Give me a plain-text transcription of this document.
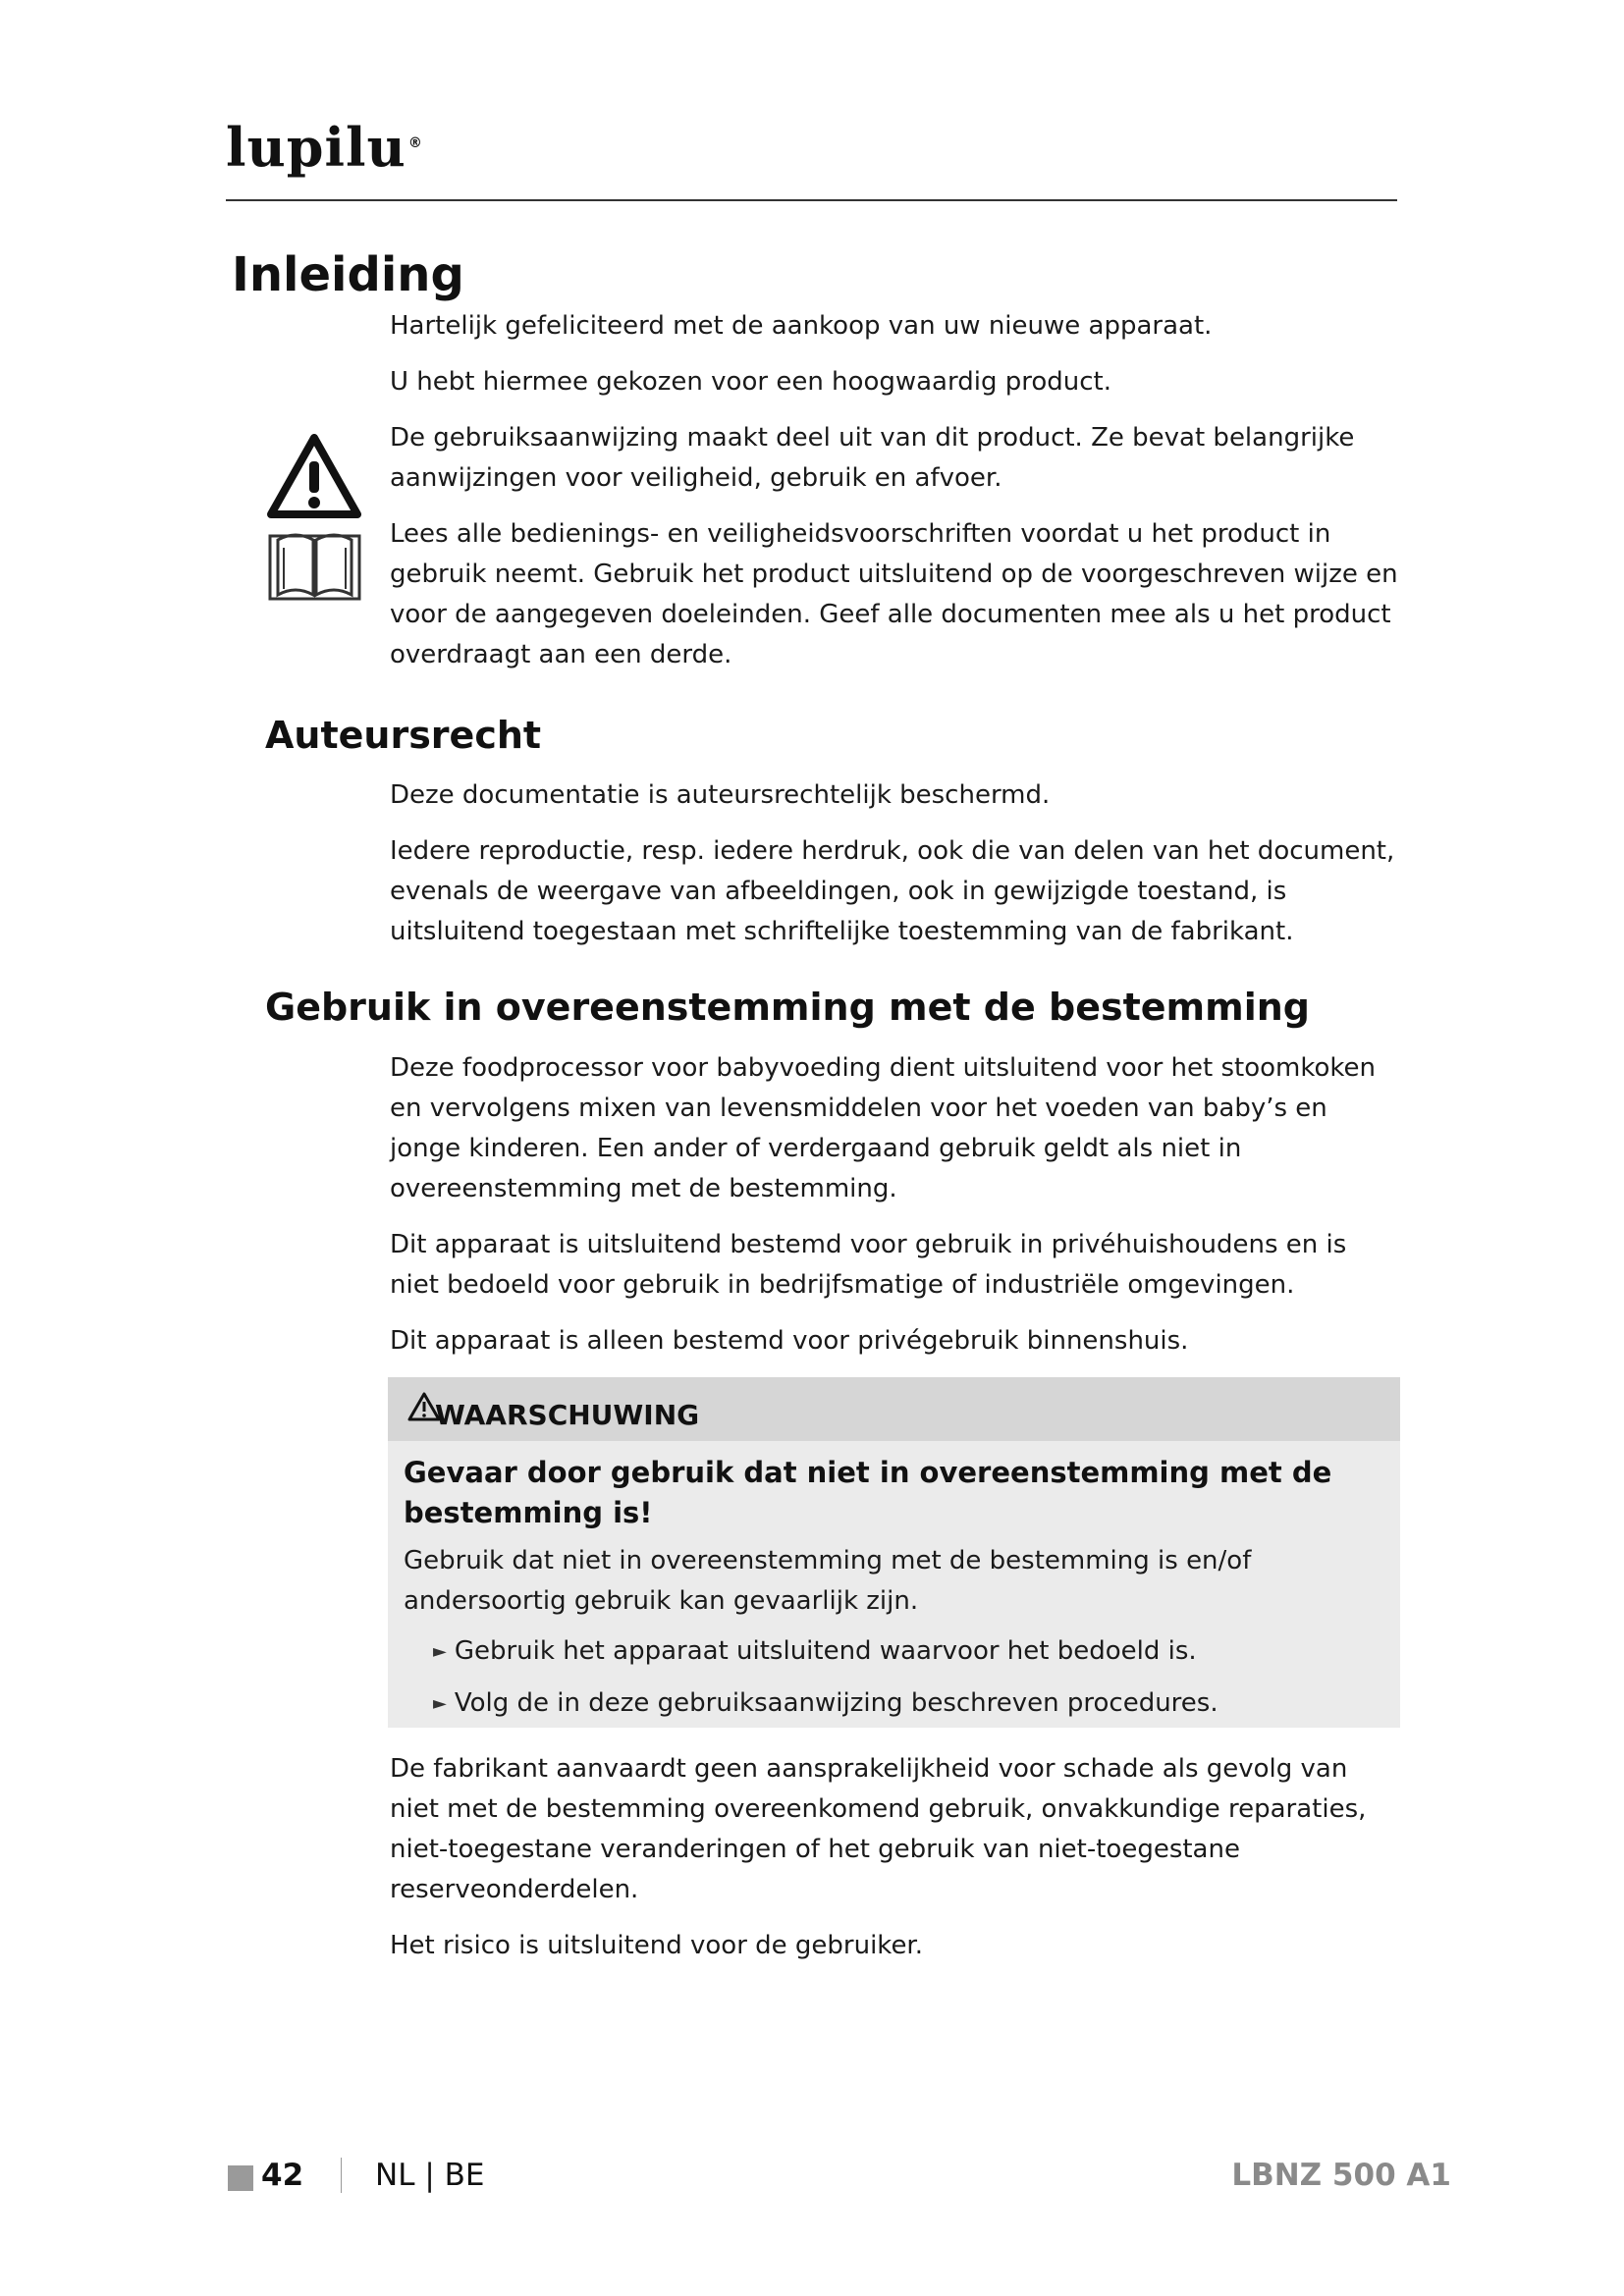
lupilu ®
Inleiding

Hartelijk gefeliciteerd met de aankoop van uw nieuwe apparaat.

U hebt hiermee gekozen voor een hoogwaardig product.

De gebruiksaanwijzing maakt deel uit van dit product. Ze bevat belangrijke aanwijzingen voor veiligheid, gebruik en afvoer.

Lees alle bedienings- en veiligheidsvoorschriften voordat u het product in gebruik neemt. Gebruik het product uitsluitend op de voorgeschreven wijze en voor de aangegeven doeleinden. Geef alle documenten mee als u het product overdraagt aan een derde.

Auteursrecht

Deze documentatie is auteursrechtelijk beschermd.

Iedere reproductie, resp. iedere herdruk, ook die van delen van het document, evenals de weergave van afbeeldingen, ook in gewijzigde toestand, is uitsluitend toegestaan met schriftelijke toestemming van de fabrikant.

Gebruik in overeenstemming met de bestemming

Deze foodprocessor voor babyvoeding dient uitsluitend voor het stoomkoken en vervolgens mixen van levensmiddelen voor het voeden van baby’s en jonge kinderen. Een ander of verdergaand gebruik geldt als niet in overeenstemming met de bestemming.

Dit apparaat is uitsluitend bestemd voor gebruik in privéhuishoudens en is niet bedoeld voor gebruik in bedrijfsmatige of industriële omgevingen.

Dit apparaat is alleen bestemd voor privégebruik binnenshuis.

WAARSCHUWING

Gevaar door gebruik dat niet in overeenstemming met de bestemming is!

Gebruik dat niet in overeenstemming met de bestemming is en/of andersoortig gebruik kan gevaarlijk zijn.

► Gebruik het apparaat uitsluitend waarvoor het bedoeld is.
► Volg de in deze gebruiksaanwijzing beschreven procedures.

De fabrikant aanvaardt geen aansprakelijkheid voor schade als gevolg van niet met de bestemming overeenkomend gebruik, onvakkundige reparaties, niet-toegestane veranderingen of het gebruik van niet-toegestane reserveonderdelen.

Het risico is uitsluitend voor de gebruiker.

42 NL | BE	LBNZ 500 A1
